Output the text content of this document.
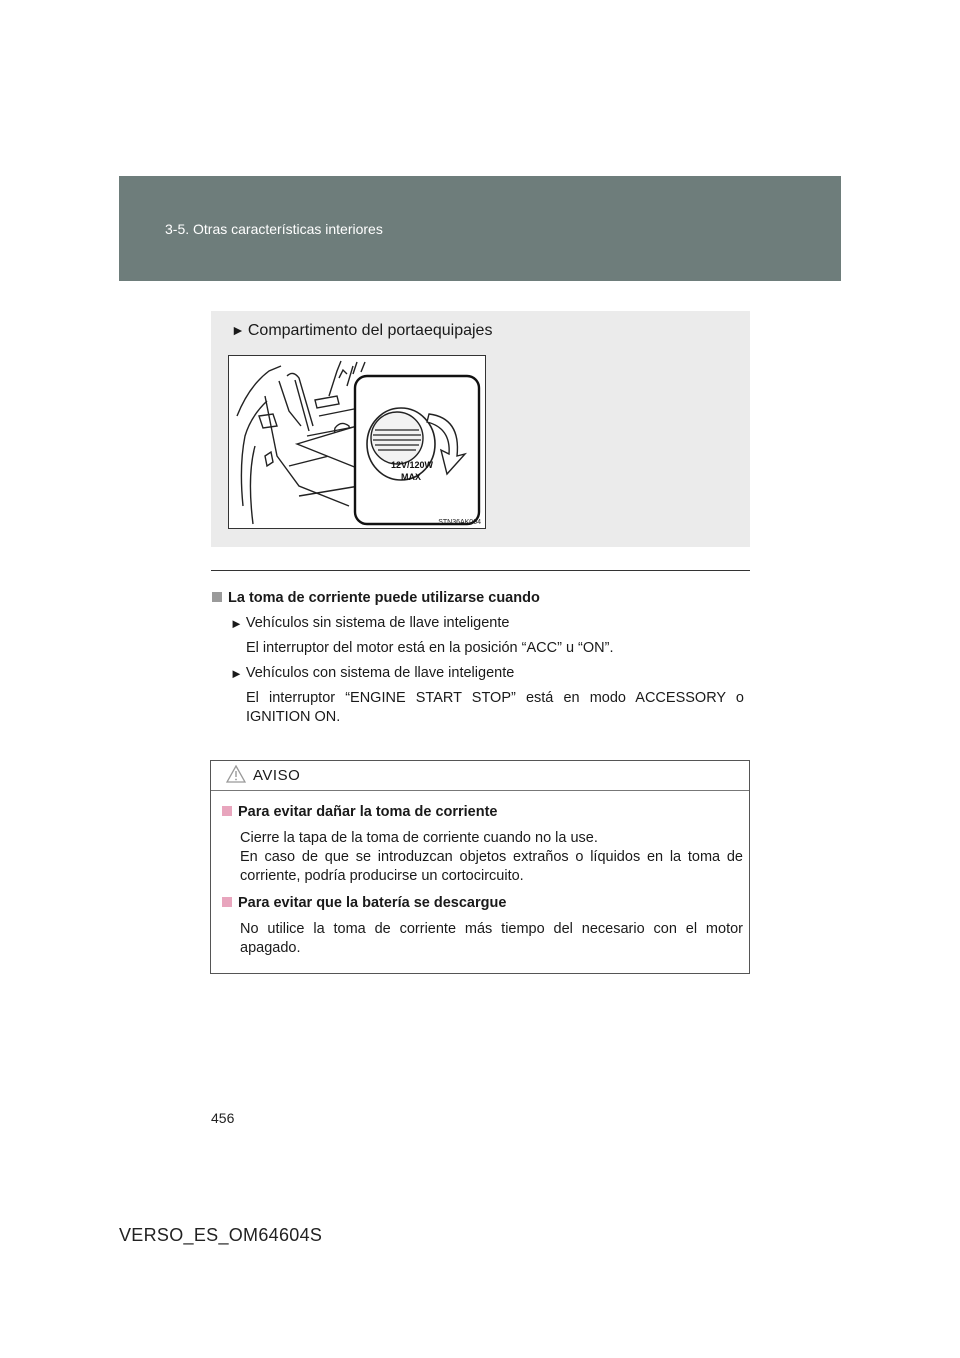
3-5. Otras características interiores
► Compartimento del portaequipajes
12V/120W
MAX
STN36AK004
La toma de corriente puede utilizarse cuando
► Vehículos sin sistema de llave inteligente
El interruptor del motor está en la posición “ACC” u “ON”.
► Vehículos con sistema de llave inteligente
El interruptor “ENGINE START STOP” está en modo ACCESSORY o IGNITION ON.
AVISO
Para evitar dañar la toma de corriente
Cierre la tapa de la toma de corriente cuando no la use.
En caso de que se introduzcan objetos extraños o líquidos en la toma de corriente, podría producirse un cortocircuito.
Para evitar que la batería se descargue
No utilice la toma de corriente más tiempo del necesario con el motor apagado.
456
VERSO_ES_OM64604S
